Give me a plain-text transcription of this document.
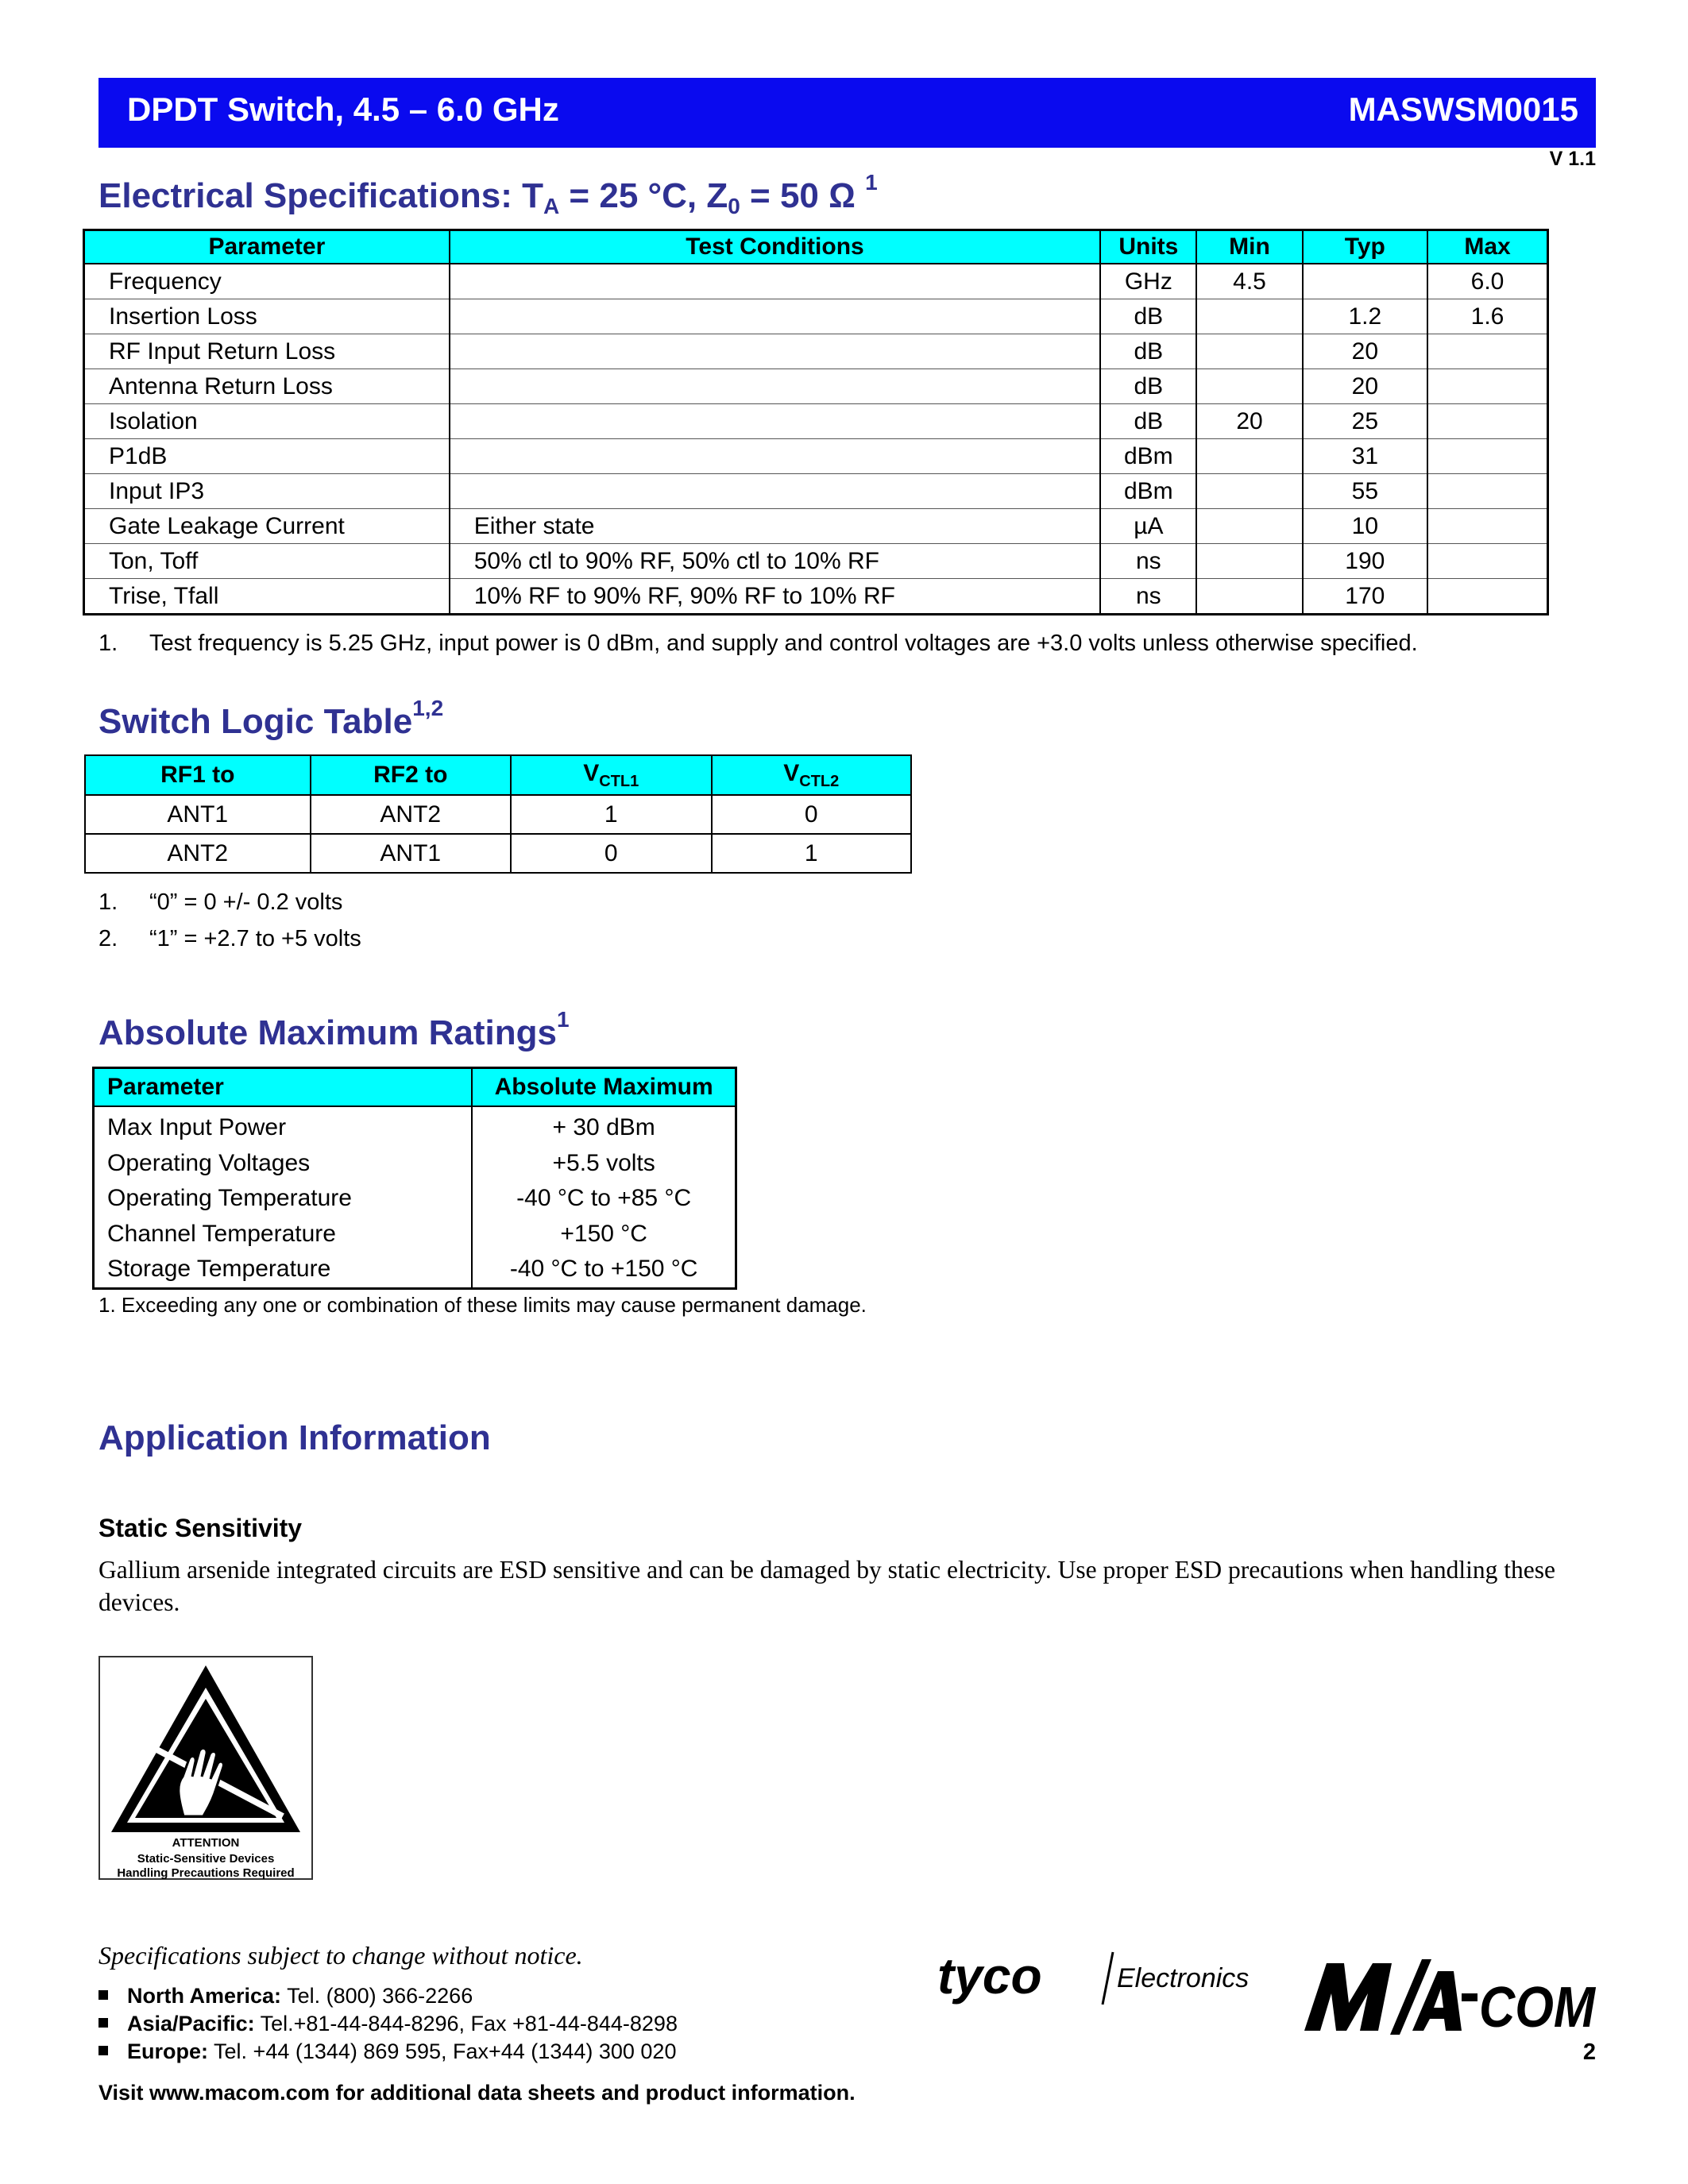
DPDT Switch, 4.5 – 6.0 GHz	MASWSM0015
V 1.1
Electrical Specifications: $T_A = 25$ °C, $Z_0 = 50$ Ω $^1$
Parameter	Test Conditions	Units	Min	Typ	Max
Frequency		GHz	4.5		6.0
Insertion Loss		dB		1.2	1.6
RF Input Return Loss		dB		20	
Antenna Return Loss		dB		20	
Isolation		dB	20	25	
P1dB		dBm		31	
Input IP3		dBm		55	
Gate Leakage Current	Either state	µA		10	
Ton, Toff	50% ctl to 90% RF, 50% ctl to 10% RF	ns		190	
Trise, Tfall	10% RF to 90% RF, 90% RF to 10% RF	ns		170	
1. Test frequency is 5.25 GHz, input power is 0 dBm, and supply and control voltages are +3.0 volts unless otherwise specified.
Switch Logic Table$^{1,2}$
RF1 to	RF2 to	$V_{CTL1}$	$V_{CTL2}$
ANT1	ANT2	1	0
ANT2	ANT1	0	1
1. “0” = 0 +/- 0.2 volts
2. “1” = +2.7 to +5 volts
Absolute Maximum Ratings$^1$
Parameter	Absolute Maximum
Max Input Power	+ 30 dBm
Operating Voltages	+5.5 volts
Operating Temperature	-40 °C to +85 °C
Channel Temperature	+150 °C
Storage Temperature	-40 °C to +150 °C
1. Exceeding any one or combination of these limits may cause permanent damage.
Application Information
Static Sensitivity
Gallium arsenide integrated circuits are ESD sensitive and can be damaged by static electricity. Use proper ESD precautions when handling these devices.
ATTENTION
Static-Sensitive Devices
Handling Precautions Required
Specifications subject to change without notice.
North America: Tel. (800) 366-2266
Asia/Pacific: Tel.+81-44-844-8296, Fax +81-44-844-8298
Europe: Tel. +44 (1344) 869 595, Fax+44 (1344) 300 020
Visit www.macom.com for additional data sheets and product information.
2
tyco	Electronics	COM
M/A-COM
